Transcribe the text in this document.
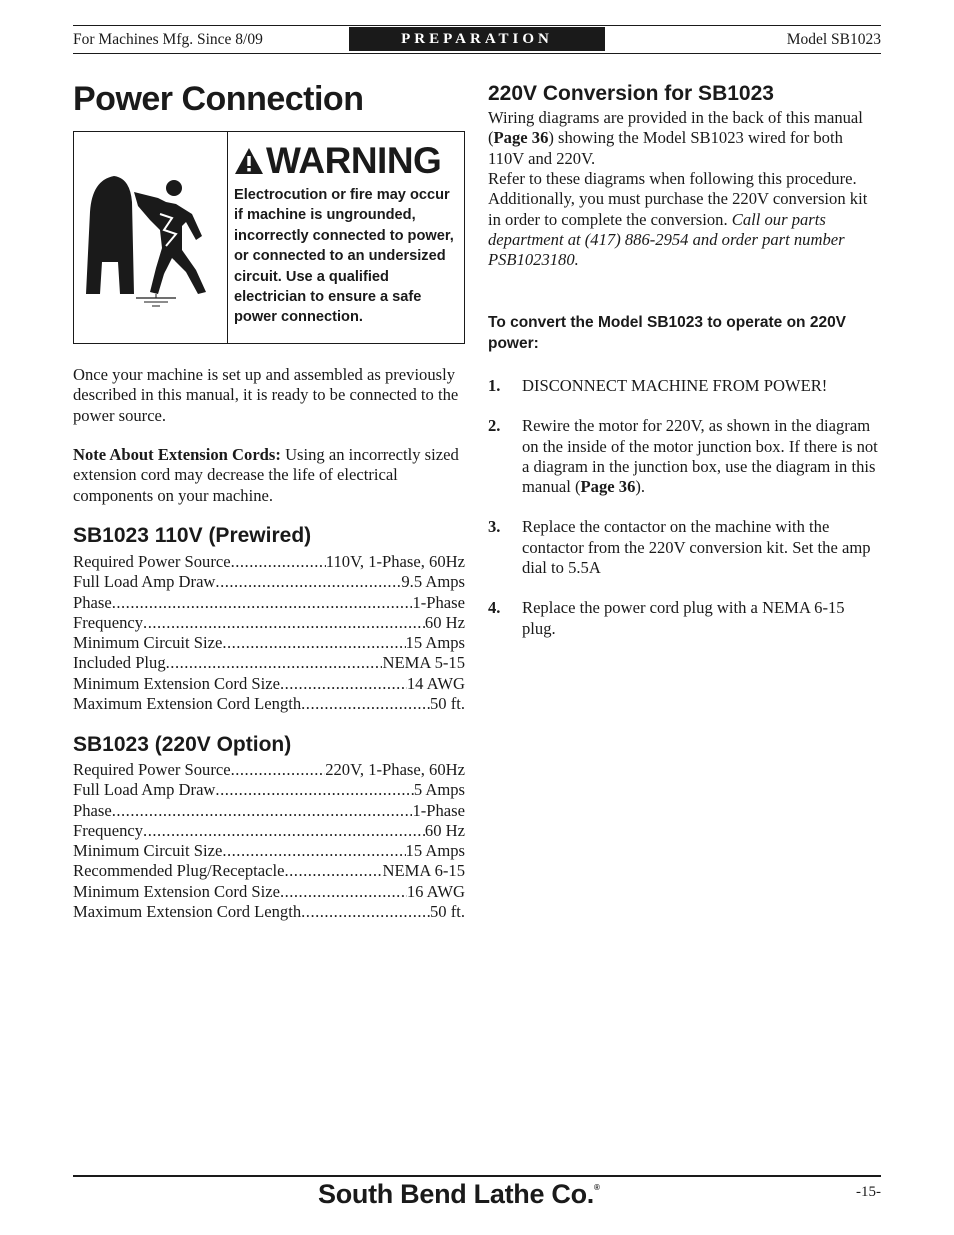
For Machines Mfg. Since 8/09	PREPARATION	Model SB1023
Power Connection
WARNING
Electrocution or fire may occur if machine is ungrounded, incorrectly connected to power, or connected to an undersized circuit. Use a qualified electrician to ensure a safe power connection.
Once your machine is set up and assembled as previously described in this manual, it is ready to be connected to the power source.
Note About Extension Cords: Using an incorrectly sized extension cord may decrease the life of electrical components on your machine.
SB1023 110V (Prewired)
Required Power Source .....	110V, 1-Phase, 60Hz
Full Load Amp Draw .....	9.5 Amps
Phase .....	1-Phase
Frequency .....	60 Hz
Minimum Circuit Size .....	15 Amps
Included Plug .....	NEMA 5-15
Minimum Extension Cord Size .....	14 AWG
Maximum Extension Cord Length .....	50 ft.
SB1023 (220V Option)
Required Power Source .....	220V, 1-Phase, 60Hz
Full Load Amp Draw .....	5 Amps
Phase .....	1-Phase
Frequency .....	60 Hz
Minimum Circuit Size .....	15 Amps
Recommended Plug/Receptacle .....	NEMA 6-15
Minimum Extension Cord Size .....	16 AWG
Maximum Extension Cord Length .....	50 ft.
220V Conversion for SB1023
Wiring diagrams are provided in the back of this manual (Page 36) showing the Model SB1023 wired for both 110V and 220V.
Refer to these diagrams when following this procedure. Additionally, you must purchase the 220V conversion kit in order to complete the conversion. Call our parts department at (417) 886-2954 and order part number PSB1023180.
To convert the Model SB1023 to operate on 220V power:
1.	DISCONNECT MACHINE FROM POWER!
2.	Rewire the motor for 220V, as shown in the diagram on the inside of the motor junction box. If there is not a diagram in the junction box, use the diagram in this manual (Page 36).
3.	Replace the contactor on the machine with the contactor from the 220V conversion kit. Set the amp dial to 5.5A
4.	Replace the power cord plug with a NEMA 6-15 plug.
South Bend Lathe Co.®	-15-
